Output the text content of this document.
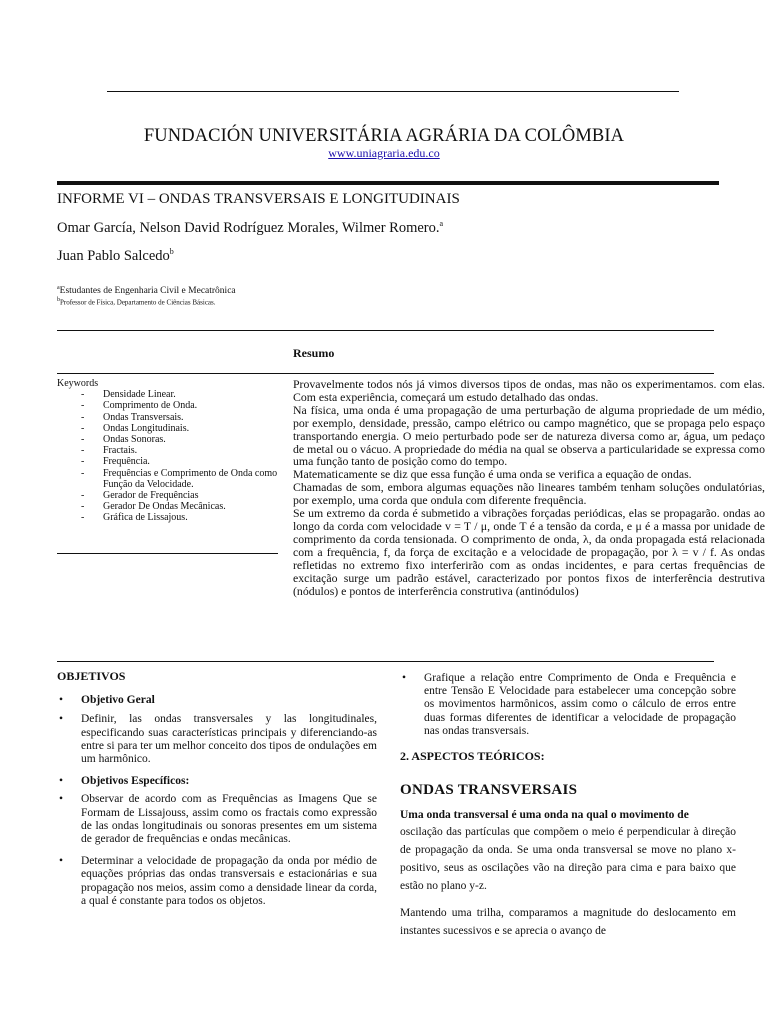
FUNDACIÓN UNIVERSITÁRIA AGRÁRIA DA COLÔMBIA
www.uniagraria.edu.co
INFORME VI – ONDAS TRANSVERSAIS E LONGITUDINAIS
Omar García, Nelson David Rodríguez Morales, Wilmer Romero.$^a$
Juan Pablo Salcedo$^b$
$^a$Estudantes de Engenharia Civil e Mecatrônica
$^b$Professor de Física, Departamento de Ciências Básicas.
Resumo
Keywords
- Densidade Linear.
- Comprimento de Onda.
- Ondas Transversais.
- Ondas Longitudinais.
- Ondas Sonoras.
- Fractais.
- Frequência.
- Frequências e Comprimento de Onda como Função da Velocidade.
- Gerador de Frequências
- Gerador De Ondas Mecânicas.
- Gráfica de Lissajous.

Provavelmente todos nós já vimos diversos tipos de ondas, mas não os experimentamos. com elas. Com esta experiência, começará um estudo detalhado das ondas.

Na física, uma onda é uma propagação de uma perturbação de alguma propriedade de um médio, por exemplo, densidade, pressão, campo elétrico ou campo magnético, que se propaga pelo espaço transportando energia. O meio perturbado pode ser de natureza diversa como ar, água, um pedaço de metal ou o vácuo. A propriedade do média na qual se observa a particularidade se expressa como uma função tanto de posição como do tempo.

Matematicamente se diz que essa função é uma onda se verifica a equação de ondas.

Chamadas de som, embora algumas equações não lineares também tenham soluções ondulatórias, por exemplo, uma corda que ondula com diferente frequência.

Se um extremo da corda é submetido a vibrações forçadas periódicas, elas se propagarão. ondas ao longo da corda com velocidade v = T / μ, onde T é a tensão da corda, e μ é a massa por unidade de comprimento da corda tensionada. O comprimento de onda, λ, da onda propagada está relacionada com a frequência, f, da força de excitação e a velocidade de propagação, por λ = v / f. As ondas refletidas no extremo fixo interferirão com as ondas incidentes, e para certas frequências de excitação surge um padrão estável, caracterizado por pontos fixos de interferência destrutiva (nódulos) e pontos de interferência construtiva (antinódulos)

OBJETIVOS

• Objetivo Geral

• Definir, las ondas transversales y las longitudinales, especificando suas características principais y diferenciando-as entre si para ter um melhor conceito dos tipos de ondulações em um harmônico.

• Objetivos Específicos:

• Observar de acordo com as Frequências as Imagens Que se Formam de Lissajouss, assim como os fractais como expressão de las ondas longitudinais ou sonoras presentes em um sistema de gerador de frequências e ondas mecânicas.

• Determinar a velocidade de propagação da onda por médio de equações próprias das ondas transversais e estacionárias e sua propagação nos meios, assim como a densidade linear da corda, a qual é constante para todos os objetos.

• Grafique a relação entre Comprimento de Onda e Frequência e entre Tensão E Velocidade para estabelecer uma concepção sobre os movimentos harmônicos, assim como o cálculo de erros entre duas formas diferentes de identificar a velocidade de propagação nas ondas transversais.

2. ASPECTOS TEÓRICOS:
ONDAS TRANSVERSAIS

Uma onda transversal é uma onda na qual o movimento de

oscilação das partículas que compõem o meio é perpendicular à direção de propagação da onda. Se uma onda transversal se move no plano x-positivo, seus as oscilações vão na direção para cima e para baixo que estão no plano y-z.

Mantendo uma trilha, comparamos a magnitude do deslocamento em instantes sucessivos e se aprecia o avanço de
